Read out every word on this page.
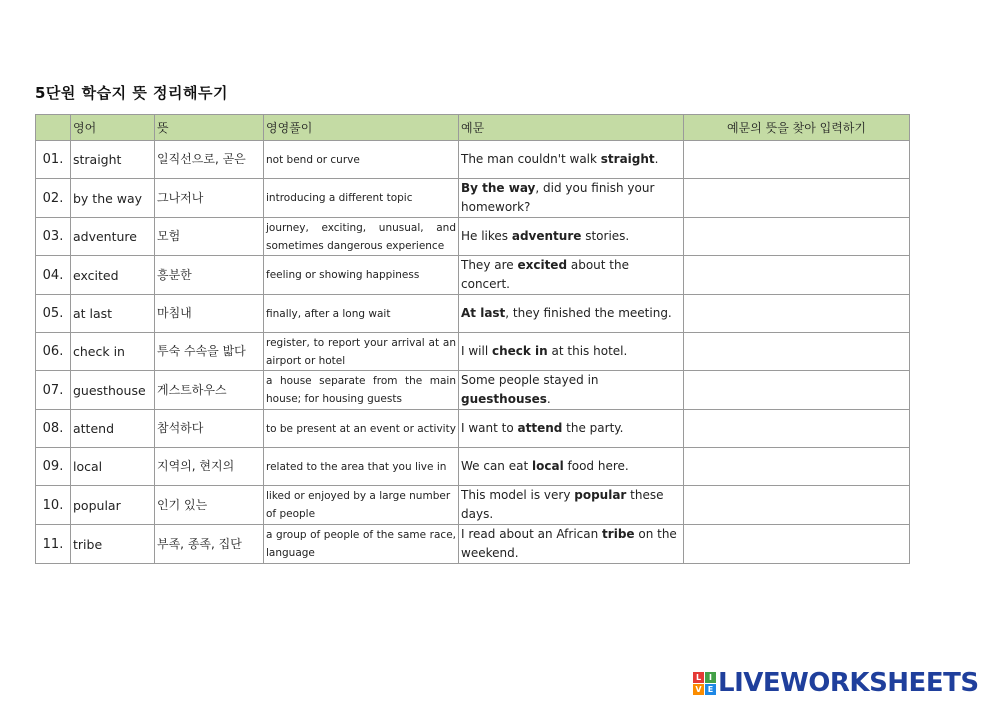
5단원 학습지 뜻 정리해두기
	영어	뜻	영영풀이	예문	예문의 뜻을 찾아 입력하기
01.	straight	일직선으로, 곧은	not bend or curve	The man couldn't walk straight.	
02.	by the way	그나저나	introducing a different topic	By the way, did you finish your homework?	
03.	adventure	모험	journey, exciting, unusual, and sometimes dangerous experience	He likes adventure stories.	
04.	excited	흥분한	feeling or showing happiness	They are excited about the concert.	
05.	at last	마침내	finally, after a long wait	At last, they finished the meeting.	
06.	check in	투숙 수속을 밟다	register, to report your arrival at an airport or hotel	I will check in at this hotel.	
07.	guesthouse	게스트하우스	a house separate from the main house; for housing guests	Some people stayed in guesthouses.	
08.	attend	참석하다	to be present at an event or activity	I want to attend the party.	
09.	local	지역의, 현지의	related to the area that you live in	We can eat local food here.	
10.	popular	인기 있는	liked or enjoyed by a large number of people	This model is very popular these days.	
11.	tribe	부족, 종족, 집단	a group of people of the same race, language	I read about an African tribe on the weekend.	
L I
V E LIVEWORKSHEETS
